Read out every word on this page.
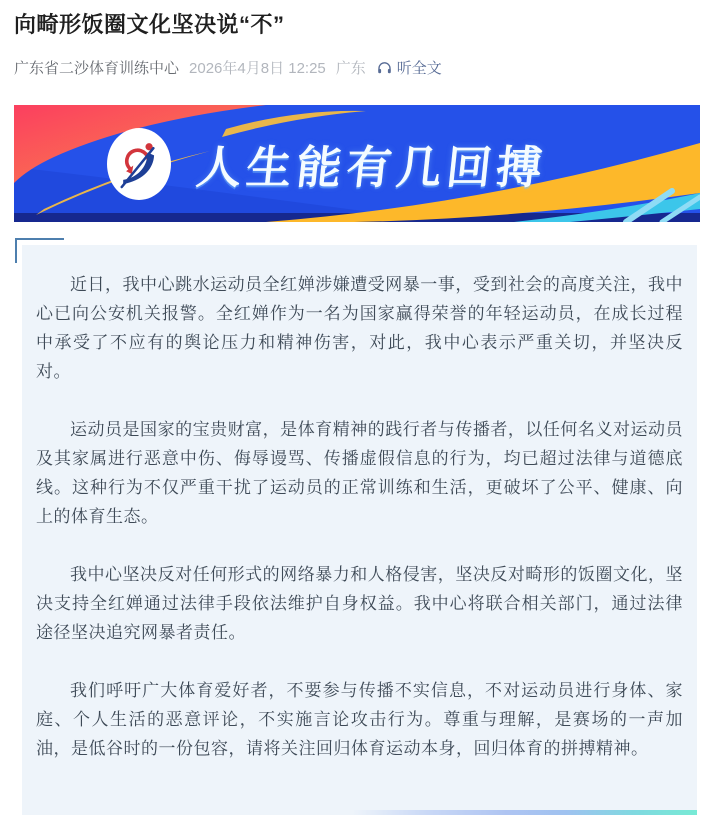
向畸形饭圈文化坚决说“不”
广东省二沙体育训练中心 2026年4月8日 12:25 广东 听全文
人生能有几回搏

近日，我中心跳水运动员全红婵涉嫌遭受网暴一事，受到社会的高度关注，我中心已向公安机关报警。全红婵作为一名为国家赢得荣誉的年轻运动员，在成长过程中承受了不应有的舆论压力和精神伤害，对此，我中心表示严重关切，并坚决反对。

运动员是国家的宝贵财富，是体育精神的践行者与传播者，以任何名义对运动员及其家属进行恶意中伤、侮辱谩骂、传播虚假信息的行为，均已超过法律与道德底线。这种行为不仅严重干扰了运动员的正常训练和生活，更破坏了公平、健康、向上的体育生态。

我中心坚决反对任何形式的网络暴力和人格侵害，坚决反对畸形的饭圈文化，坚决支持全红婵通过法律手段依法维护自身权益。我中心将联合相关部门，通过法律途径坚决追究网暴者责任。

我们呼吁广大体育爱好者，不要参与传播不实信息，不对运动员进行身体、家庭、个人生活的恶意评论，不实施言论攻击行为。尊重与理解，是赛场的一声加油，是低谷时的一份包容，请将关注回归体育运动本身，回归体育的拼搏精神。
